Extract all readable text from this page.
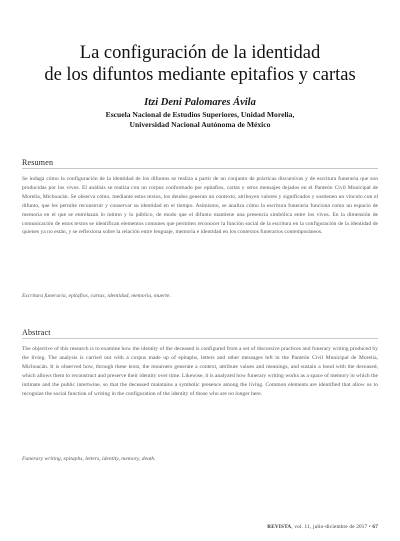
La configuración de la identidad
de los difuntos mediante epitafios y cartas
Itzi Deni Palomares Ávila
Escuela Nacional de Estudios Superiores, Unidad Morelia,
Universidad Nacional Autónoma de México
Resumen
Se indaga cómo la configuración de la identidad de los difuntos se realiza a partir de un conjunto de prácticas discursivas y de escritura funeraria que son producidas por los vivos. El análisis se realiza con un corpus conformado por epitafios, cartas y otros mensajes dejados en el Panteón Civil Municipal de Morelia, Michoacán. Se observa cómo, mediante estos textos, los deudos generan un contexto, atribuyen valores y significados y sostienen un vínculo con el difunto, que les permite reconstruir y conservar su identidad en el tiempo. Asimismo, se analiza cómo la escritura funeraria funciona como un espacio de memoria en el que se entrelazan lo íntimo y lo público, de modo que el difunto mantiene una presencia simbólica entre los vivos. En la dimensión de comunicación de estos textos se identifican elementos comunes que permiten reconocer la función social de la escritura en la configuración de la identidad de quienes ya no están, y se reflexiona sobre la relación entre lenguaje, memoria e identidad en los contextos funerarios contemporáneos.
Escritura funeraria, epitafios, cartas, identidad, memoria, muerte.
Abstract
The objective of this research is to examine how the identity of the deceased is configured from a set of discursive practices and funerary writing produced by the living. The analysis is carried out with a corpus made up of epitaphs, letters and other messages left in the Panteón Civil Municipal de Morelia, Michoacán. It is observed how, through these texts, the mourners generate a context, attribute values and meanings, and sustain a bond with the deceased, which allows them to reconstruct and preserve their identity over time. Likewise, it is analyzed how funerary writing works as a space of memory in which the intimate and the public intertwine, so that the deceased maintains a symbolic presence among the living. Common elements are identified that allow us to recognize the social function of writing in the configuration of the identity of those who are no longer here.
Funerary writing, epitaphs, letters, identity, memory, death.
REVISTA, vol. 11, julio-diciembre de 2017 • 67
